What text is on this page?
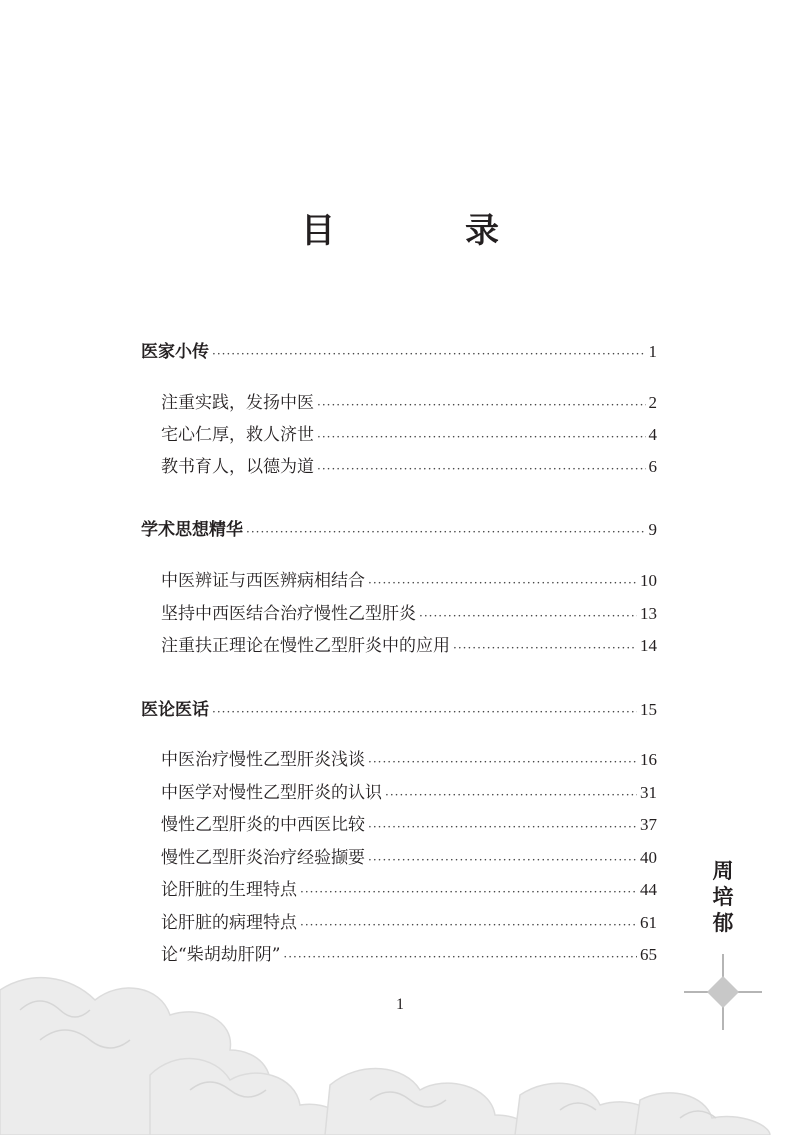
目　录
医家小传 ·····	1
注重实践，发扬中医 ·····	2
宅心仁厚，救人济世 ·····	4
教书育人，以德为道 ·····	6
学术思想精华 ·····	9
中医辨证与西医辨病相结合 ·····	10
坚持中西医结合治疗慢性乙型肝炎 ·····	13
注重扶正理论在慢性乙型肝炎中的应用 ·····	14
医论医话 ·····	15
中医治疗慢性乙型肝炎浅谈 ·····	16
中医学对慢性乙型肝炎的认识 ·····	31
慢性乙型肝炎的中西医比较 ·····	37
慢性乙型肝炎治疗经验撷要 ·····	40
论肝脏的生理特点 ·····	44
论肝脏的病理特点 ·····	61
论“柴胡劫肝阴” ·····	65
周
培
郁
1
